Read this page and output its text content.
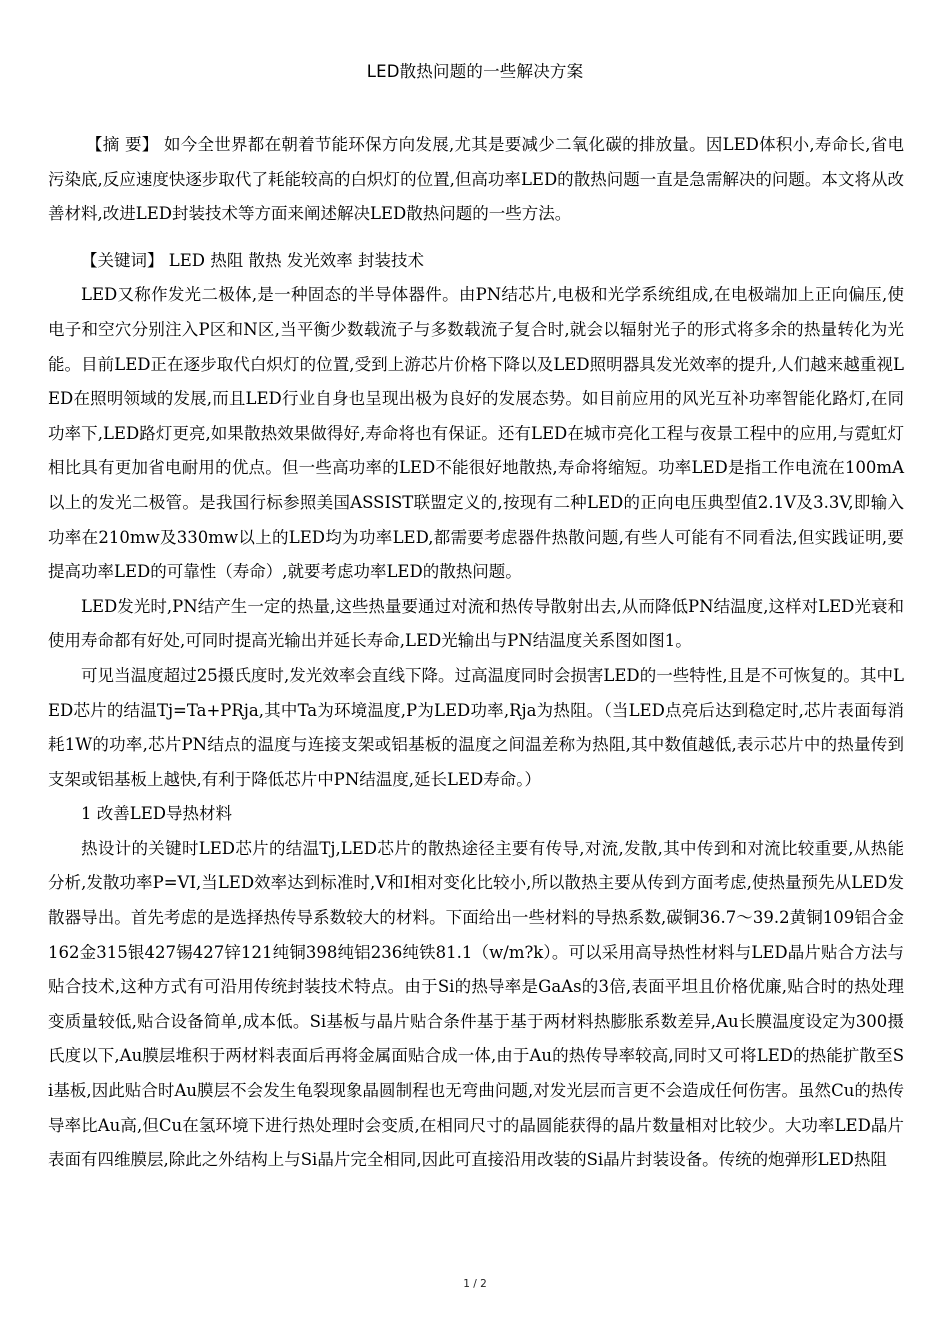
LED散热问题的一些解决方案

【摘 要】 如今全世界都在朝着节能环保方向发展,尤其是要减少二氧化碳的排放量。因LED体积小,寿命长,省电污染底,反应速度快逐步取代了耗能较高的白炽灯的位置,但高功率LED的散热问题一直是急需解决的问题。本文将从改善材料,改进LED封装技术等方面来阐述解决LED散热问题的一些方法。

【关键词】 LED 热阻 散热 发光效率 封装技术

LED又称作发光二极体,是一种固态的半导体器件。由PN结芯片,电极和光学系统组成,在电极端加上正向偏压,使电子和空穴分别注入P区和N区,当平衡少数载流子与多数载流子复合时,就会以辐射光子的形式将多余的热量转化为光能。目前LED正在逐步取代白炽灯的位置,受到上游芯片价格下降以及LED照明器具发光效率的提升,人们越来越重视LED在照明领域的发展,而且LED行业自身也呈现出极为良好的发展态势。如目前应用的风光互补功率智能化路灯,在同功率下,LED路灯更亮,如果散热效果做得好,寿命将也有保证。还有LED在城市亮化工程与夜景工程中的应用,与霓虹灯相比具有更加省电耐用的优点。但一些高功率的LED不能很好地散热,寿命将缩短。功率LED是指工作电流在100mA以上的发光二极管。是我国行标参照美国ASSIST联盟定义的,按现有二种LED的正向电压典型值2.1V及3.3V,即输入功率在210mw及330mw以上的LED均为功率LED,都需要考虑器件热散问题,有些人可能有不同看法,但实践证明,要提高功率LED的可靠性（寿命）,就要考虑功率LED的散热问题。

LED发光时,PN结产生一定的热量,这些热量要通过对流和热传导散射出去,从而降低PN结温度,这样对LED光衰和使用寿命都有好处,可同时提高光输出并延长寿命,LED光输出与PN结温度关系图如图1。

可见当温度超过25摄氏度时,发光效率会直线下降。过高温度同时会损害LED的一些特性,且是不可恢复的。其中LED芯片的结温Tj=Ta+PRja,其中Ta为环境温度,P为LED功率,Rja为热阻。（当LED点亮后达到稳定时,芯片表面每消耗1W的功率,芯片PN结点的温度与连接支架或铝基板的温度之间温差称为热阻,其中数值越低,表示芯片中的热量传到支架或铝基板上越快,有利于降低芯片中PN结温度,延长LED寿命。）

1 改善LED导热材料

热设计的关键时LED芯片的结温Tj,LED芯片的散热途径主要有传导,对流,发散,其中传到和对流比较重要,从热能分析,发散功率P=VI,当LED效率达到标准时,V和I相对变化比较小,所以散热主要从传到方面考虑,使热量预先从LED发散器导出。首先考虑的是选择热传导系数较大的材料。下面给出一些材料的导热系数,碳铜36.7～39.2黄铜109铝合金162金315银427锡427锌121纯铜398纯铝236纯铁81.1（w/m?k）。可以采用高导热性材料与LED晶片贴合方法与贴合技术,这种方式有可沿用传统封装技术特点。由于Si的热导率是GaAs的3倍,表面平坦且价格优廉,贴合时的热处理变质量较低,贴合设备简单,成本低。Si基板与晶片贴合条件基于基于两材料热膨胀系数差异,Au长膜温度设定为300摄氏度以下,Au膜层堆积于两材料表面后再将金属面贴合成一体,由于Au的热传导率较高,同时又可将LED的热能扩散至Si基板,因此贴合时Au膜层不会发生龟裂现象晶圆制程也无弯曲问题,对发光层而言更不会造成任何伤害。虽然Cu的热传导率比Au高,但Cu在氢环境下进行热处理时会变质,在相同尺寸的晶圆能获得的晶片数量相对比较少。大功率LED晶片表面有四维膜层,除此之外结构上与Si晶片完全相同,因此可直接沿用改装的Si晶片封装设备。传统的炮弹形LED热阻

1 / 2
